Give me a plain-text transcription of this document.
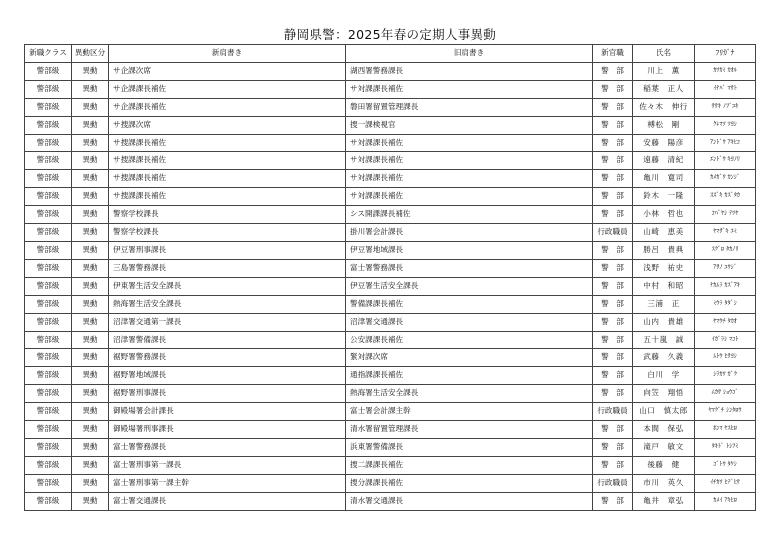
静岡県警：2025年春の定期人事異動
新職クラス	異動区分	新肩書き	旧肩書き	新官職	氏名	ﾌﾘｶﾞﾅ
警部級	異動	サ企課次席	湖西署警務課長	警　部	川上　薫	ｶﾜｶﾐ ｶｵﾙ
警部級	異動	サ企課課長補佐	サ対課課長補佐	警　部	稲葉　正人	ｲﾅﾊﾞ ﾏｻﾄ
警部級	異動	サ企課課長補佐	磐田署留置管理課長	警　部	佐々木　伸行	ｻｻｷ ﾉﾌﾞﾕｷ
警部級	異動	サ捜課次席	捜一課検視官	警　部	榑松　剛	ｸﾚﾏﾂ ﾂﾖｼ
警部級	異動	サ捜課課長補佐	サ対課課長補佐	警　部	安藤　陽彦	ｱﾝﾄﾞｳ ｱｷﾋｺ
警部級	異動	サ捜課課長補佐	サ対課課長補佐	警　部	遠藤　清紀	ｴﾝﾄﾞｳ ｷﾖﾉﾘ
警部級	異動	サ捜課課長補佐	サ対課課長補佐	警　部	亀川　寛司	ｶﾒｶﾞﾜ ｶﾝｼﾞ
警部級	異動	サ捜課課長補佐	サ対課課長補佐	警　部	鈴木　一隆	ｽｽﾞｷ ｶｽﾞﾀｶ
警部級	異動	警察学校課長	シス開課課長補佐	警　部	小林　哲也	ｺﾊﾞﾔｼ ﾃﾂﾔ
警部級	異動	警察学校課長	掛川署会計課長	行政職員	山崎　恵美	ﾔﾏｻﾞｷ ｴﾐ
警部級	異動	伊豆署刑事課長	伊豆署地域課長	警　部	勝呂　貴典	ｽｸﾞﾛ ﾀｶﾉﾘ
警部級	異動	三島署警務課長	富士署警務課長	警　部	浅野　祐史	ｱｻﾉ ﾕｳｼﾞ
警部級	異動	伊東署生活安全課長	伊豆署生活安全課長	警　部	中村　和昭	ﾅｶﾑﾗ ｶｽﾞｱｷ
警部級	異動	熱海署生活安全課長	警備課課長補佐	警　部	三浦　正	ﾐｳﾗ ﾀﾀﾞｼ
警部級	異動	沼津署交通第一課長	沼津署交通課長	警　部	山内　貴雄	ﾔﾏｳﾁ ﾀｶｵ
警部級	異動	沼津署警備課長	公安課課長補佐	警　部	五十嵐　誠	ｲｶﾞﾗｼ ﾏｺﾄ
警部級	異動	裾野署警務課長	緊対課次席	警　部	武藤　久義	ﾑﾄｳ ﾋｻﾖｼ
警部級	異動	裾野署地域課長	通指課課長補佐	警　部	白川　学	ｼﾗｶﾜ ｶﾞｸ
警部級	異動	裾野署刑事課長	熱海署生活安全課長	警　部	向笠　翔悟	ﾑｶｻ ｼｮｳｺﾞ
警部級	異動	御殿場署会計課長	富士署会計課主幹	行政職員	山口　慎太郎	ﾔﾏｸﾞﾁ ｼﾝﾀﾛｳ
警部級	異動	御殿場署刑事課長	清水署留置管理課長	警　部	本間　保弘	ﾎﾝﾏ ﾔｽﾋﾛ
警部級	異動	富士署警務課長	浜東署警備課長	警　部	滝戸　敏文	ﾀｷﾄﾞ ﾄｼﾌﾐ
警部級	異動	富士署刑事第一課長	捜二課課長補佐	警　部	後藤　健	ｺﾞﾄｳ ﾀｹｼ
警部級	異動	富士署刑事第一課主幹	捜分課課長補佐	行政職員	市川　英久	ｲﾁｶﾜ ﾋﾃﾞﾋｻ
警部級	異動	富士署交通課長	清水署交通課長	警　部	亀井　章弘	ｶﾒｲ ｱｷﾋﾛ
